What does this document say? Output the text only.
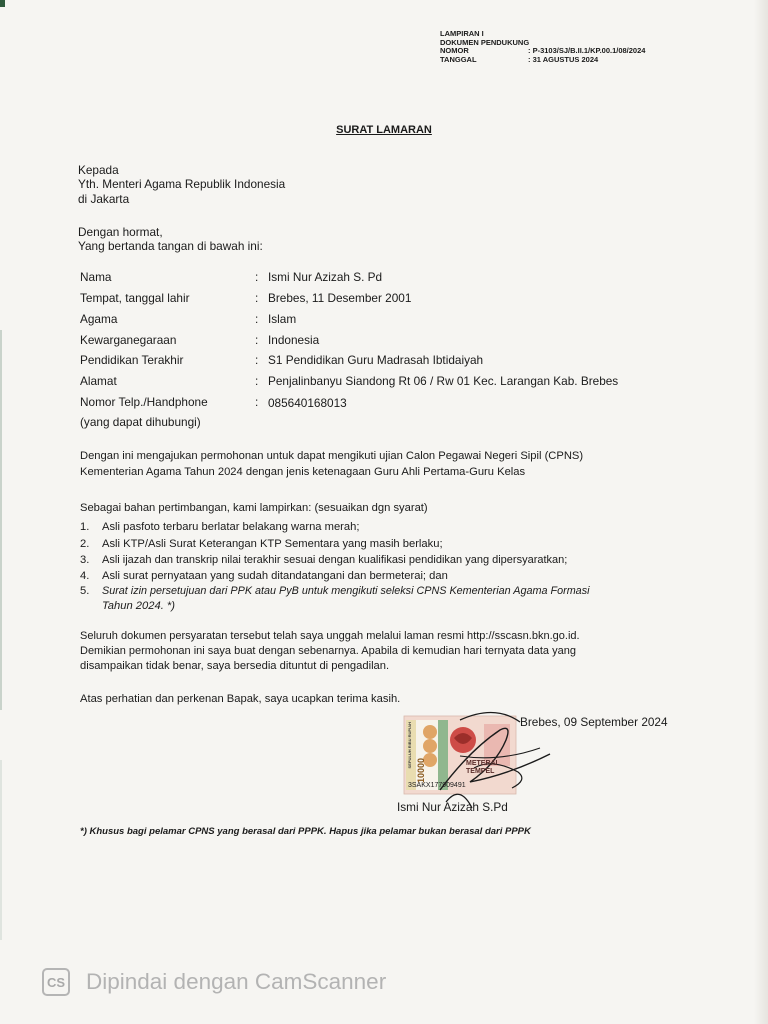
LAMPIRAN I
DOKUMEN PENDUKUNG
NOMOR	: P-3103/SJ/B.II.1/KP.00.1/08/2024
TANGGAL	: 31 AGUSTUS 2024
SURAT LAMARAN
Kepada
Yth. Menteri Agama Republik Indonesia
di Jakarta
Dengan hormat,
Yang bertanda tangan di bawah ini:
Nama	: Ismi Nur Azizah S. Pd
Tempat, tanggal lahir	: Brebes, 11 Desember 2001
Agama	: Islam
Kewarganegaraan	: Indonesia
Pendidikan Terakhir	: S1 Pendidikan Guru Madrasah Ibtidaiyah
Alamat	: Penjalinbanyu Siandong Rt 06 / Rw 01 Kec. Larangan Kab. Brebes
Nomor Telp./Handphone	: 085640168013
(yang dapat dihubungi)
Dengan ini mengajukan permohonan untuk dapat mengikuti ujian Calon Pegawai Negeri Sipil (CPNS)
Kementerian Agama Tahun 2024 dengan jenis ketenagaan Guru Ahli Pertama-Guru Kelas
Sebagai bahan pertimbangan, kami lampirkan: (sesuaikan dgn syarat)
1. Asli pasfoto terbaru berlatar belakang warna merah;
2. Asli KTP/Asli Surat Keterangan KTP Sementara yang masih berlaku;
3. Asli ijazah dan transkrip nilai terakhir sesuai dengan kualifikasi pendidikan yang dipersyaratkan;
4. Asli surat pernyataan yang sudah ditandatangani dan bermeterai; dan
5. Surat izin persetujuan dari PPK atau PyB untuk mengikuti seleksi CPNS Kementerian Agama Formasi
Tahun 2024. *)
Seluruh dokumen persyaratan tersebut telah saya unggah melalui laman resmi http://sscasn.bkn.go.id.
Demikian permohonan ini saya buat dengan sebenarnya. Apabila di kemudian hari ternyata data yang
disampaikan tidak benar, saya bersedia dituntut di pengadilan.
Atas perhatian dan perkenan Bapak, saya ucapkan terima kasih.
Brebes, 09 September 2024
SEPULUH RIBU RUPIAH
10000	METERAI TEMPEL
3SAKX177909491
Ismi Nur Azizah S.Pd
*) Khusus bagi pelamar CPNS yang berasal dari PPPK. Hapus jika pelamar bukan berasal dari PPPK
CS Dipindai dengan CamScanner
